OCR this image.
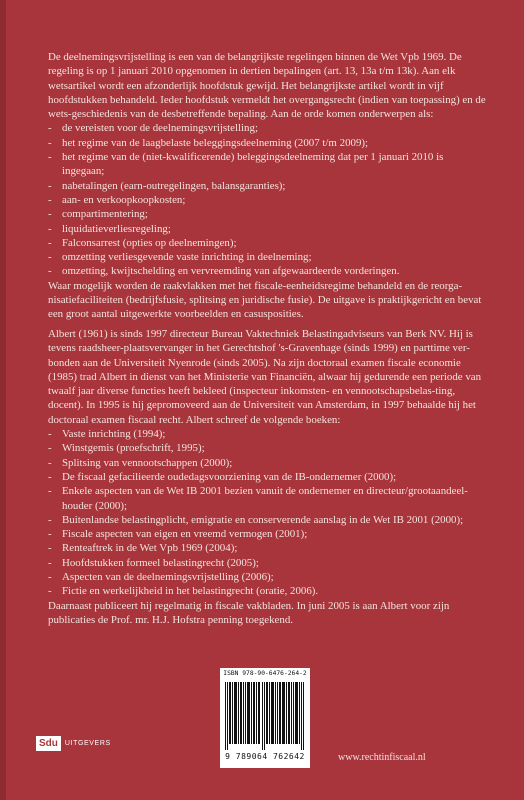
De deelnemingsvrijstelling is een van de belangrijkste regelingen binnen de Wet Vpb 1969. De regeling is op 1 januari 2010 opgenomen in dertien bepalingen (art. 13, 13a t/m 13k). Aan elk wetsartikel wordt een afzonderlijk hoofdstuk gewijd. Het belangrijkste artikel wordt in vijf hoofdstukken behandeld. Ieder hoofdstuk vermeldt het overgangsrecht (indien van toepassing) en de wets-geschiedenis van de desbetreffende bepaling. Aan de orde komen onderwerpen als:

- de vereisten voor de deelnemingsvrijstelling;
- het regime van de laagbelaste beleggingsdeelneming (2007 t/m 2009);
- het regime van de (niet-kwalificerende) beleggingsdeelneming dat per 1 januari 2010 is ingegaan;
- nabetalingen (earn-outregelingen, balansgaranties);
- aan- en verkoopkoopkosten;
- compartimentering;
- liquidatieverliesregeling;
- Falconsarrest (opties op deelnemingen);
- omzetting verliesgevende vaste inrichting in deelneming;
- omzetting, kwijtschelding en vervreemding van afgewaardeerde vorderingen.

Waar mogelijk worden de raakvlakken met het fiscale-eenheidsregime behandeld en de reorga-nisatiefaciliteiten (bedrijfsfusie, splitsing en juridische fusie). De uitgave is praktijkgericht en bevat een groot aantal uitgewerkte voorbeelden en casusposities.

Albert (1961) is sinds 1997 directeur Bureau Vaktechniek Belastingadviseurs van Berk NV. Hij is tevens raadsheer-plaatsvervanger in het Gerechtshof 's-Gravenhage (sinds 1999) en parttime ver-bonden aan de Universiteit Nyenrode (sinds 2005). Na zijn doctoraal examen fiscale economie (1985) trad Albert in dienst van het Ministerie van Financiën, alwaar hij gedurende een periode van twaalf jaar diverse functies heeft bekleed (inspecteur inkomsten- en vennootschapsbelas-ting, docent). In 1995 is hij gepromoveerd aan de Universiteit van Amsterdam, in 1997 behaalde hij het doctoraal examen fiscaal recht. Albert schreef de volgende boeken:

- Vaste inrichting (1994);
- Winstgemis (proefschrift, 1995);
- Splitsing van vennootschappen (2000);
- De fiscaal gefacilieerde oudedagsvoorziening van de IB-ondernemer (2000);
- Enkele aspecten van de Wet IB 2001 bezien vanuit de ondernemer en directeur/grootaandeel-houder (2000);
- Buitenlandse belastingplicht, emigratie en conserverende aanslag in de Wet IB 2001 (2000);
- Fiscale aspecten van eigen en vreemd vermogen (2001);
- Renteaftrek in de Wet Vpb 1969 (2004);
- Hoofdstukken formeel belastingrecht (2005);
- Aspecten van de deelnemingsvrijstelling (2006);
- Fictie en werkelijkheid in het belastingrecht (oratie, 2006).

Daarnaast publiceert hij regelmatig in fiscale vakbladen. In juni 2005 is aan Albert voor zijn publicaties de Prof. mr. H.J. Hofstra penning toegekend.

ISBN 978-90-6476-264-2
9 789064 762642
Sdu	UITGEVERS
www.rechtinfiscaal.nl
